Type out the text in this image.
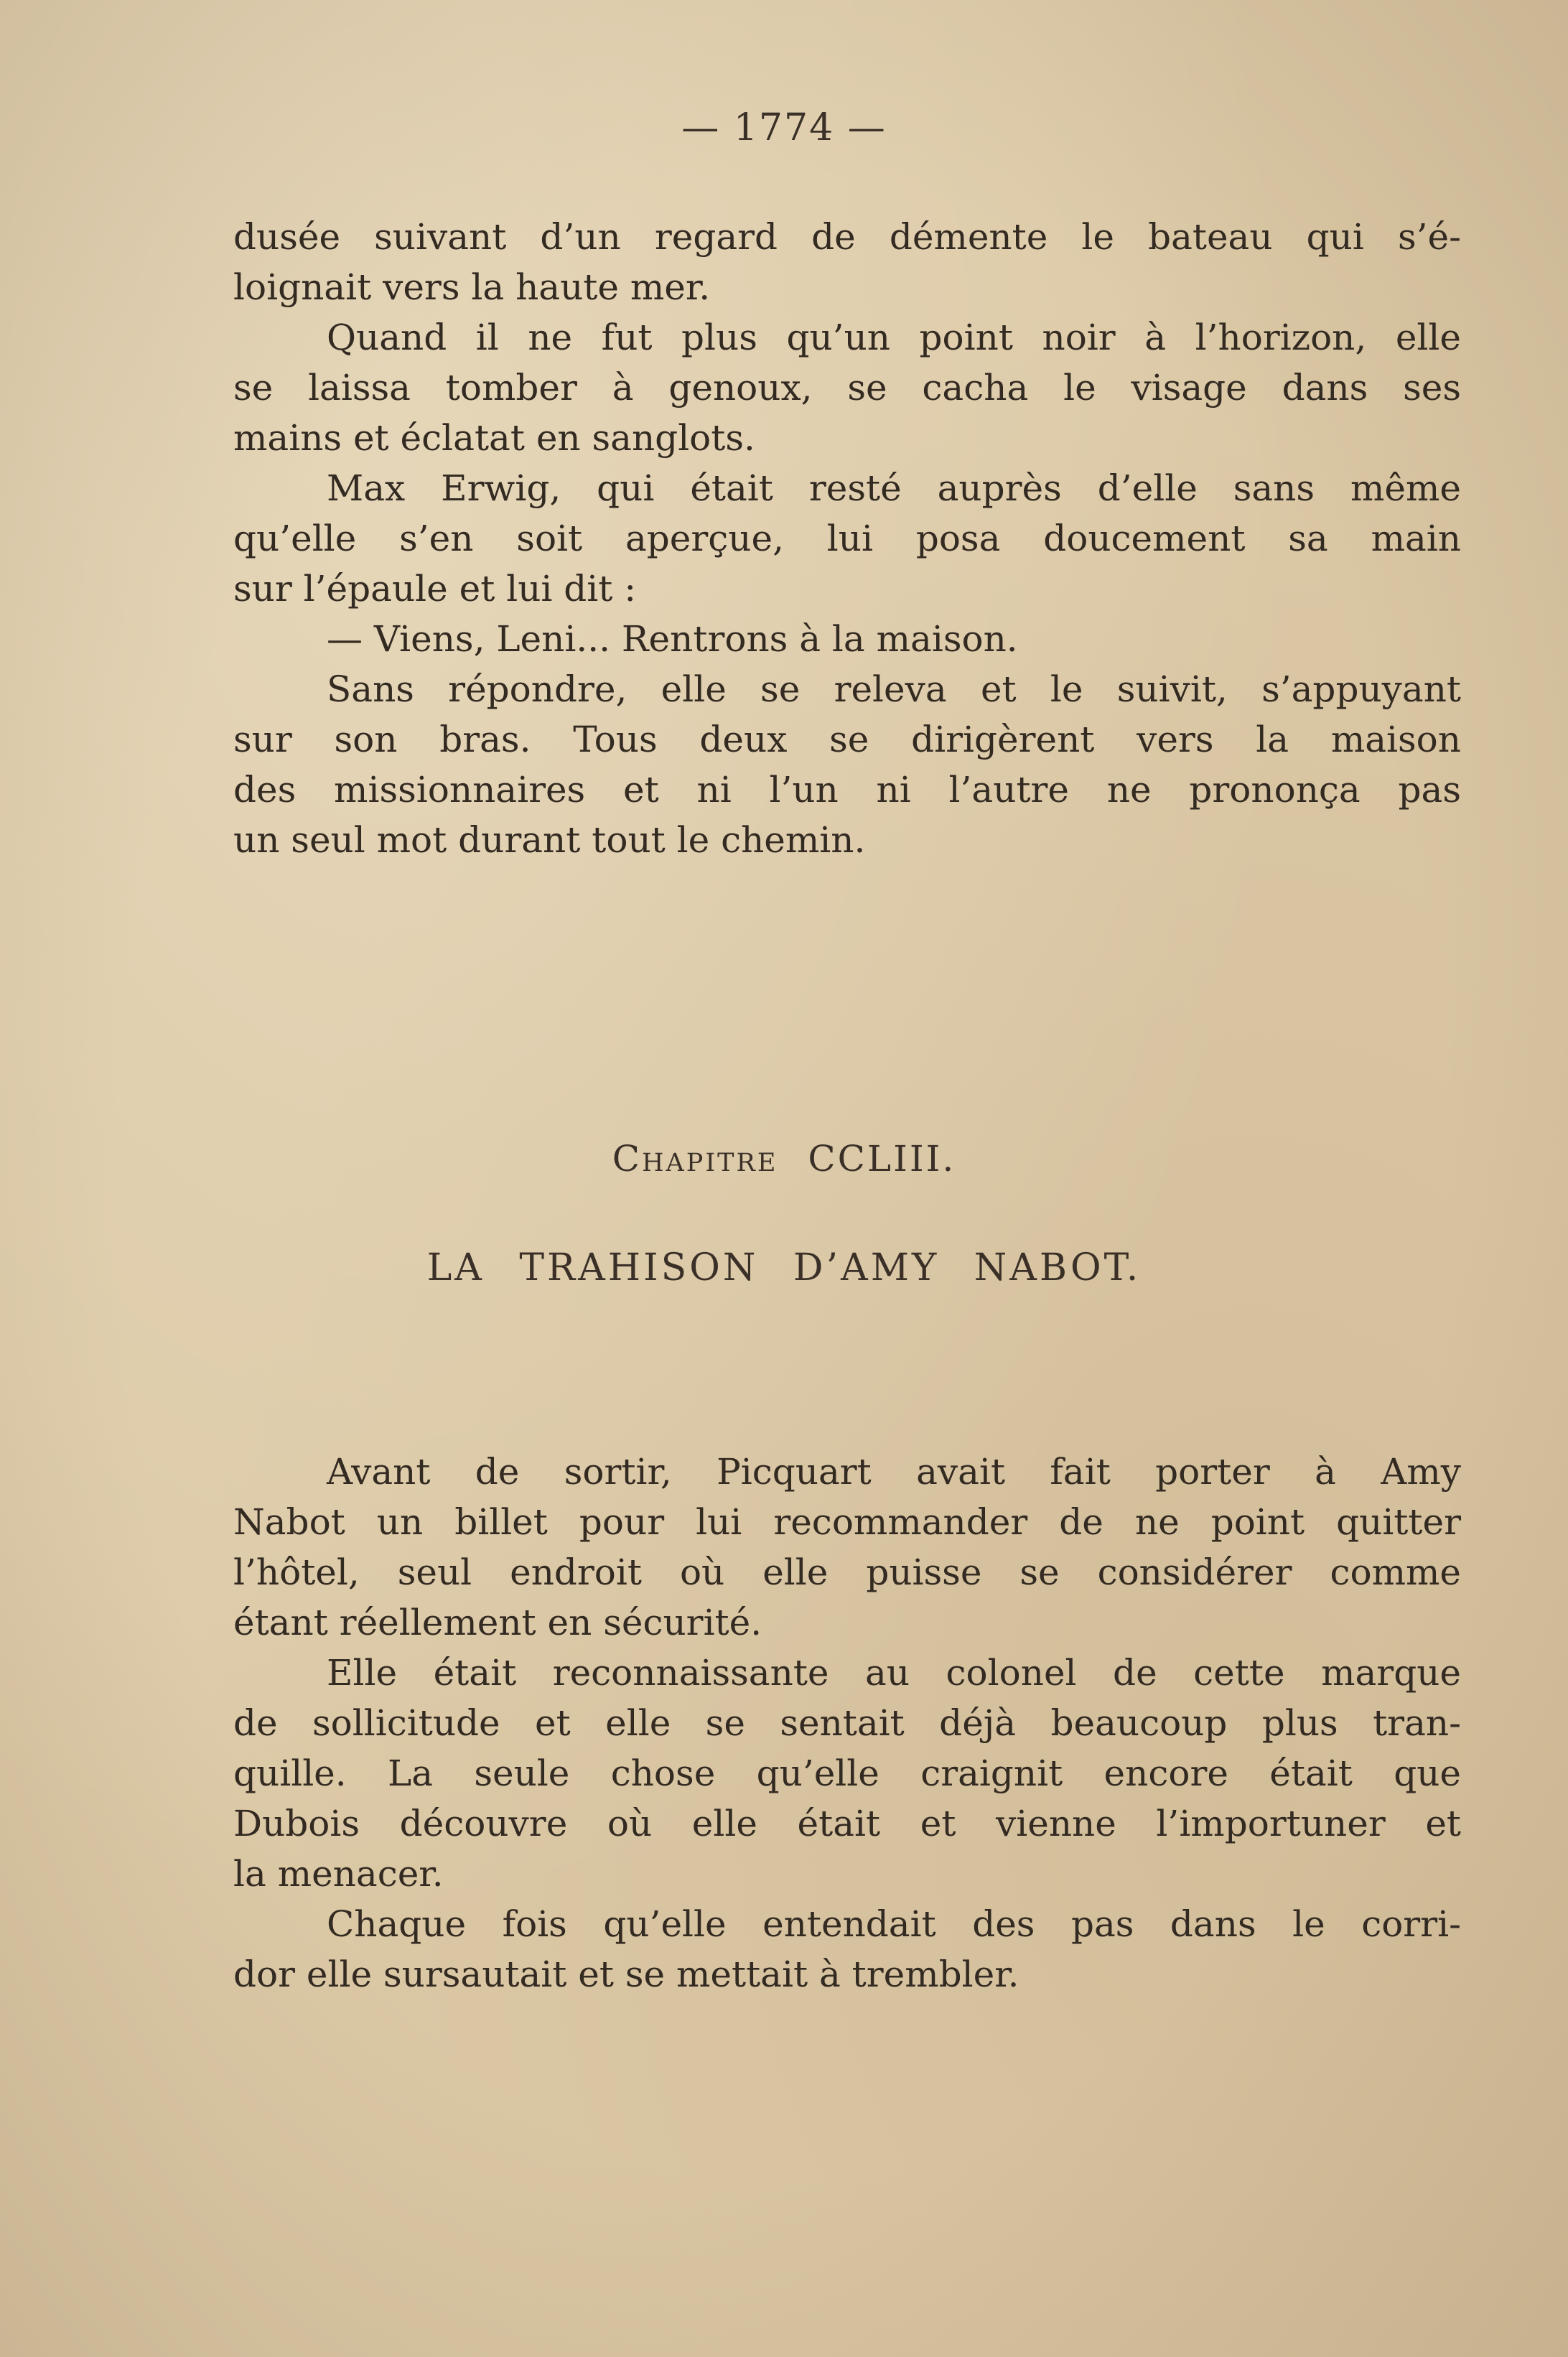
— 1774 —
dusée suivant d’un regard de démente le bateau qui s’é-
loignait vers la haute mer.
Quand il ne fut plus qu’un point noir à l’horizon, elle
se laissa tomber à genoux, se cacha le visage dans ses
mains et éclatat en sanglots.
Max Erwig, qui était resté auprès d’elle sans même
qu’elle s’en soit aperçue, lui posa doucement sa main
sur l’épaule et lui dit :
— Viens, Leni... Rentrons à la maison.
Sans répondre, elle se releva et le suivit, s’appuyant
sur son bras. Tous deux se dirigèrent vers la maison
des missionnaires et ni l’un ni l’autre ne prononça pas
un seul mot durant tout le chemin.
Chapitre CCLIII.
LA TRAHISON D’AMY NABOT.
Avant de sortir, Picquart avait fait porter à Amy
Nabot un billet pour lui recommander de ne point quitter
l’hôtel, seul endroit où elle puisse se considérer comme
étant réellement en sécurité.
Elle était reconnaissante au colonel de cette marque
de sollicitude et elle se sentait déjà beaucoup plus tran-
quille. La seule chose qu’elle craignit encore était que
Dubois découvre où elle était et vienne l’importuner et
la menacer.
Chaque fois qu’elle entendait des pas dans le corri-
dor elle sursautait et se mettait à trembler.
